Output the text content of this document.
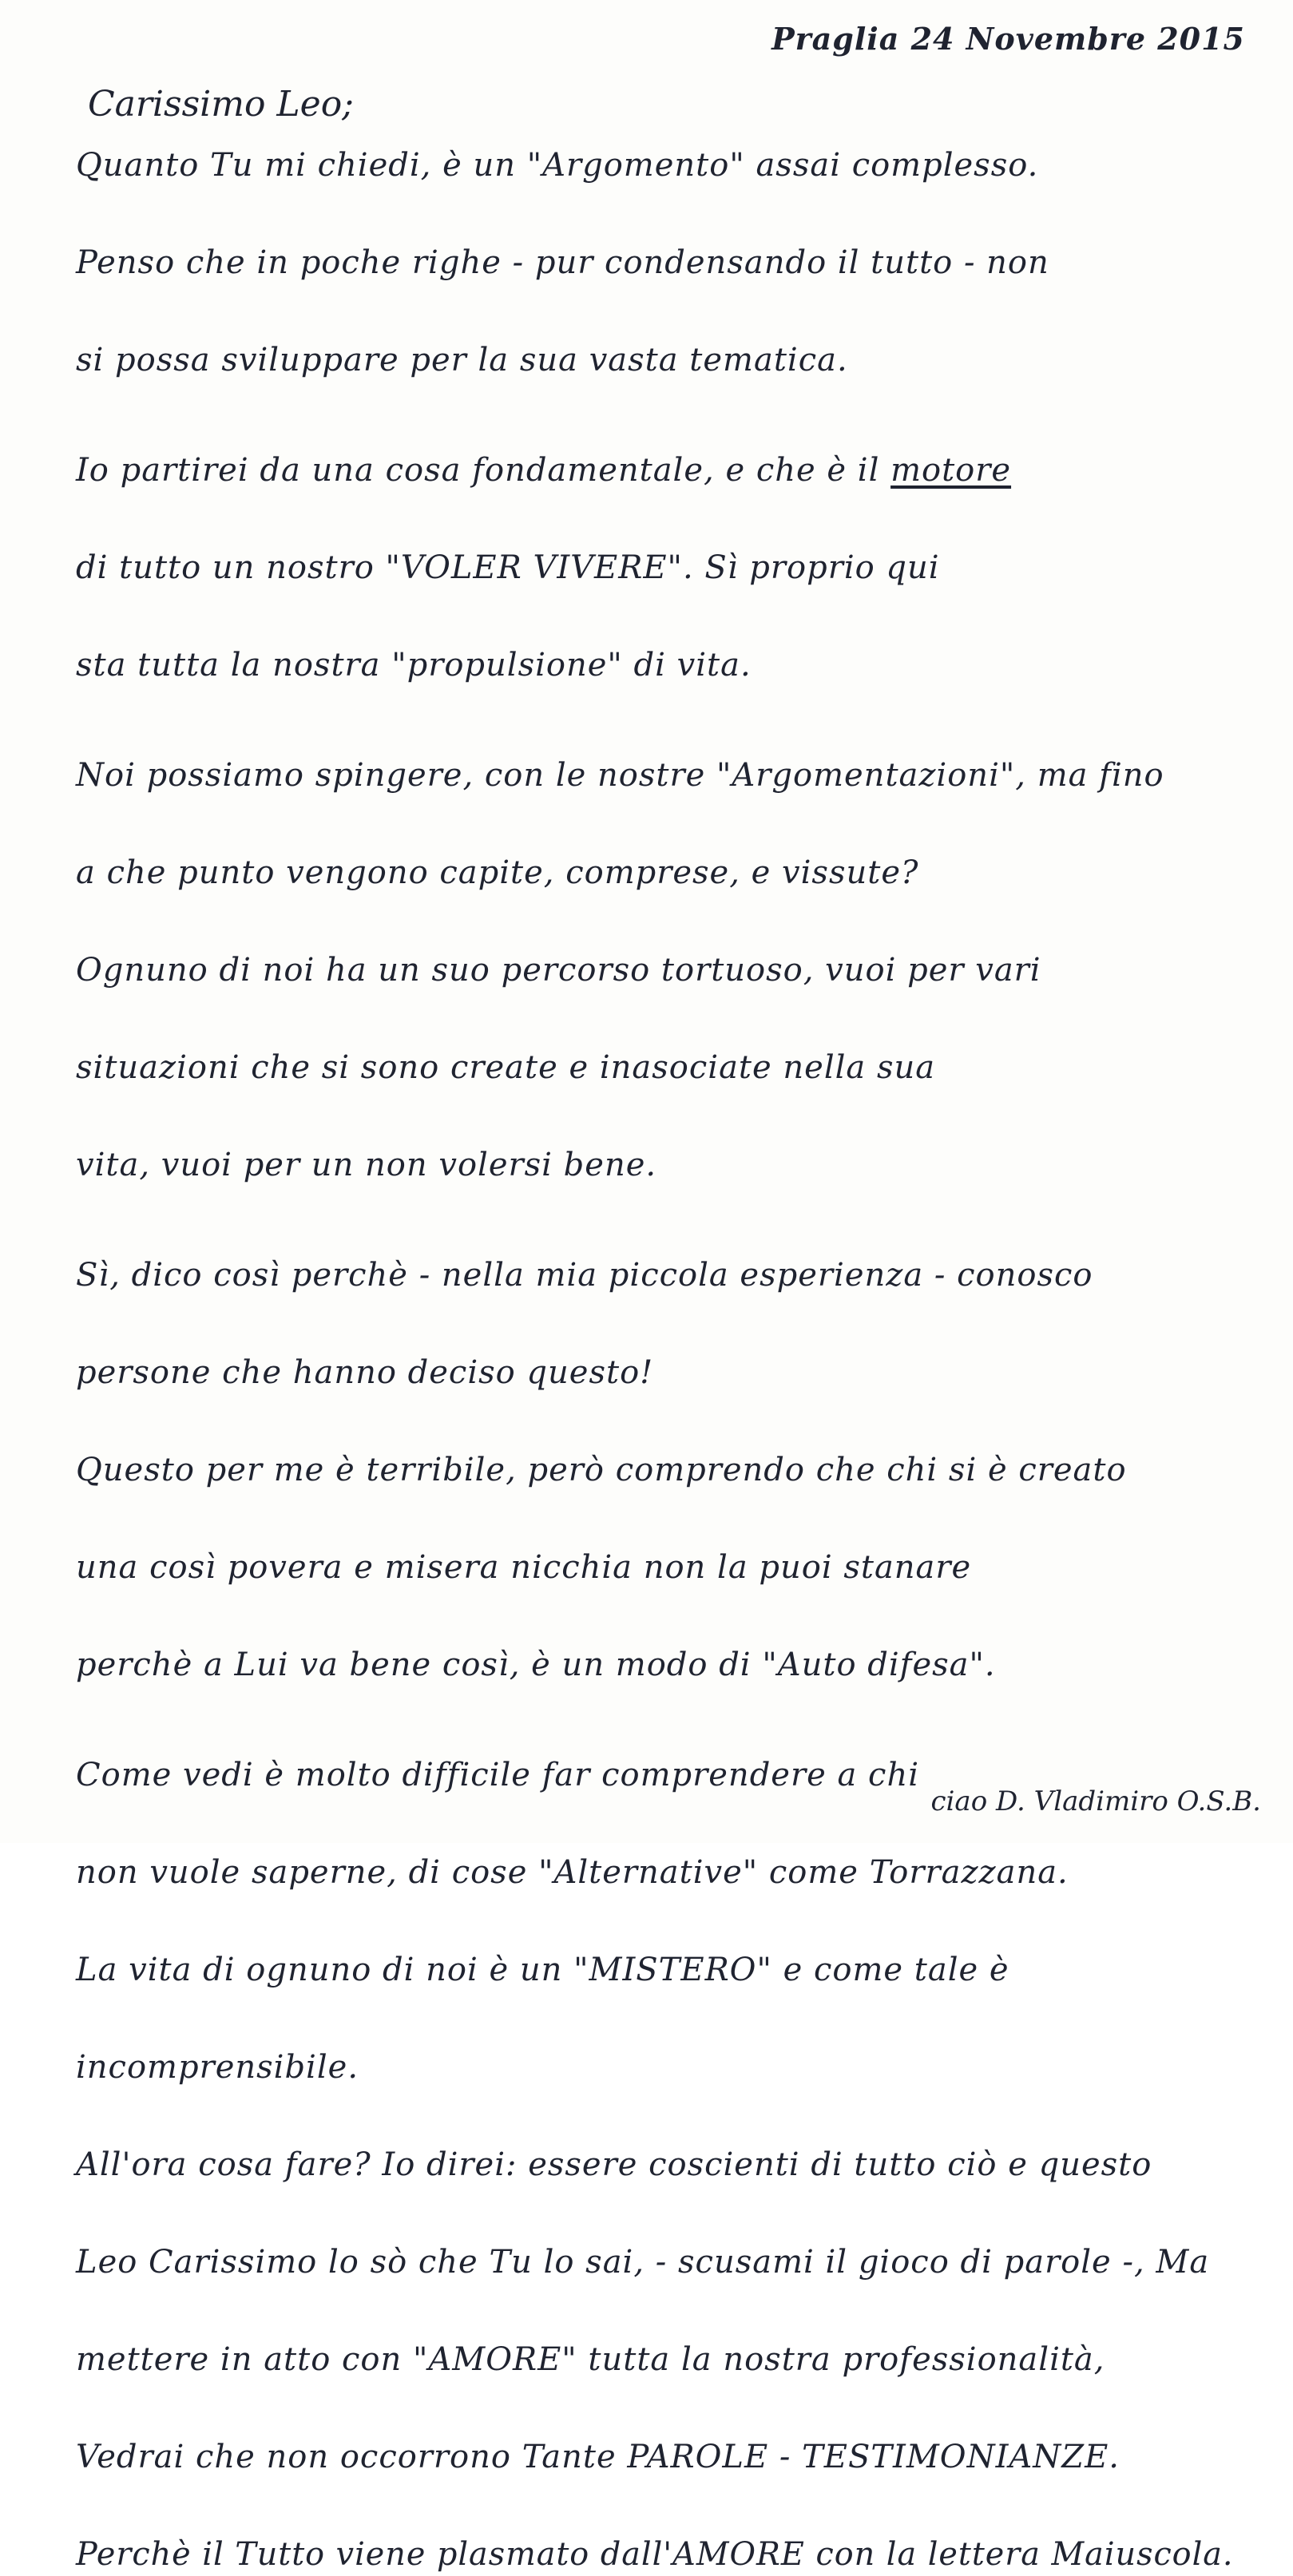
Praglia 24 Novembre 2015
Carissimo Leo;
Quanto Tu mi chiedi, è un "Argomento" assai complesso.
Penso che in poche righe - pur condensando il tutto - non
si possa sviluppare per la sua vasta tematica.
Io partirei da una cosa fondamentale, e che è il motore
di tutto un nostro "VOLER VIVERE". Sì proprio qui
sta tutta la nostra "propulsione" di vita.
Noi possiamo spingere, con le nostre "Argomentazioni", ma fino
a che punto vengono capite, comprese, e vissute?
Ognuno di noi ha un suo percorso tortuoso, vuoi per vari
situazioni che si sono create e inasociate nella sua
vita, vuoi per un non volersi bene.
Sì, dico così perchè - nella mia piccola esperienza - conosco
persone che hanno deciso questo!
Questo per me è terribile, però comprendo che chi si è creato
una così povera e misera nicchia non la puoi stanare
perchè a Lui va bene così, è un modo di "Auto difesa".
Come vedi è molto difficile far comprendere a chi
non vuole saperne, di cose "Alternative" come Torrazzana.
La vita di ognuno di noi è un "MISTERO" e come tale è
incomprensibile.
All'ora cosa fare? Io direi: essere coscienti di tutto ciò e questo
Leo Carissimo lo sò che Tu lo sai, - scusami il gioco di parole -, Ma
mettere in atto con "AMORE" tutta la nostra professionalità,
Vedrai che non occorrono Tante PAROLE - TESTIMONIANZE.
Perchè il Tutto viene plasmato dall'AMORE con la lettera Maiuscola.
ciao D. Vladimiro O.S.B.
